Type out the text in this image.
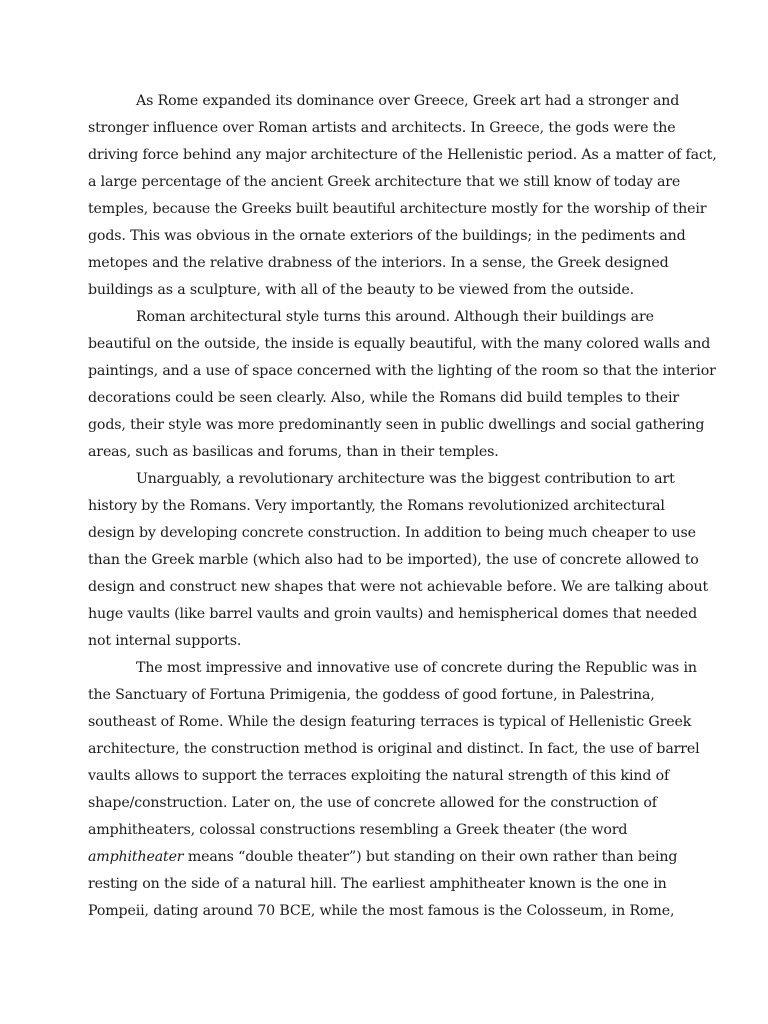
As Rome expanded its dominance over Greece, Greek art had a stronger and
stronger influence over Roman artists and architects. In Greece, the gods were the
driving force behind any major architecture of the Hellenistic period. As a matter of fact,
a large percentage of the ancient Greek architecture that we still know of today are
temples, because the Greeks built beautiful architecture mostly for the worship of their
gods. This was obvious in the ornate exteriors of the buildings; in the pediments and
metopes and the relative drabness of the interiors. In a sense, the Greek designed
buildings as a sculpture, with all of the beauty to be viewed from the outside.
Roman architectural style turns this around. Although their buildings are
beautiful on the outside, the inside is equally beautiful, with the many colored walls and
paintings, and a use of space concerned with the lighting of the room so that the interior
decorations could be seen clearly. Also, while the Romans did build temples to their
gods, their style was more predominantly seen in public dwellings and social gathering
areas, such as basilicas and forums, than in their temples.
Unarguably, a revolutionary architecture was the biggest contribution to art
history by the Romans. Very importantly, the Romans revolutionized architectural
design by developing concrete construction. In addition to being much cheaper to use
than the Greek marble (which also had to be imported), the use of concrete allowed to
design and construct new shapes that were not achievable before. We are talking about
huge vaults (like barrel vaults and groin vaults) and hemispherical domes that needed
not internal supports.
The most impressive and innovative use of concrete during the Republic was in
the Sanctuary of Fortuna Primigenia, the goddess of good fortune, in Palestrina,
southeast of Rome. While the design featuring terraces is typical of Hellenistic Greek
architecture, the construction method is original and distinct. In fact, the use of barrel
vaults allows to support the terraces exploiting the natural strength of this kind of
shape/construction. Later on, the use of concrete allowed for the construction of
amphitheaters, colossal constructions resembling a Greek theater (the word
amphitheater means “double theater”) but standing on their own rather than being
resting on the side of a natural hill. The earliest amphitheater known is the one in
Pompeii, dating around 70 BCE, while the most famous is the Colosseum, in Rome,
